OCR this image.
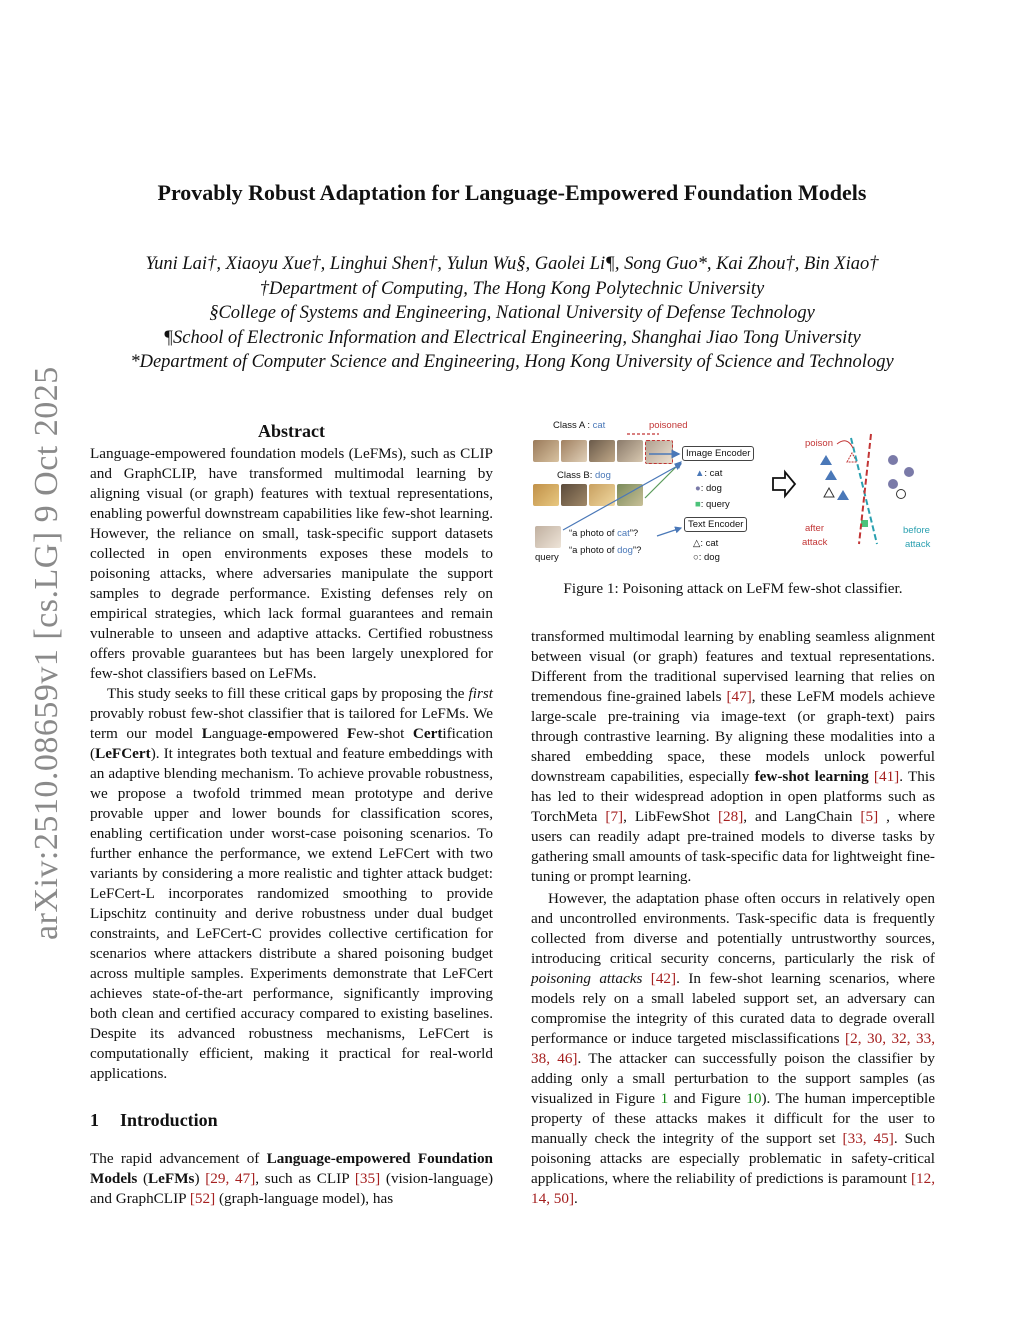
arXiv:2510.08659v1 [cs.LG] 9 Oct 2025
Provably Robust Adaptation for Language-Empowered Foundation Models
Yuni Lai†, Xiaoyu Xue†, Linghui Shen†, Yulun Wu§, Gaolei Li¶, Song Guo*, Kai Zhou†, Bin Xiao†
†Department of Computing, The Hong Kong Polytechnic University
§College of Systems and Engineering, National University of Defense Technology
¶School of Electronic Information and Electrical Engineering, Shanghai Jiao Tong University
*Department of Computer Science and Engineering, Hong Kong University of Science and Technology
Abstract

Language-empowered foundation models (LeFMs), such as CLIP and GraphCLIP, have transformed multimodal learning by aligning visual (or graph) features with textual representations, enabling powerful downstream capabilities like few-shot learning. However, the reliance on small, task-specific support datasets collected in open environments exposes these models to poisoning attacks, where adversaries manipulate the support samples to degrade performance. Existing defenses rely on empirical strategies, which lack formal guarantees and remain vulnerable to unseen and adaptive attacks. Certified robustness offers provable guarantees but has been largely unexplored for few-shot classifiers based on LeFMs.

This study seeks to fill these critical gaps by proposing the first provably robust few-shot classifier that is tailored for LeFMs. We term our model Language-empowered Few-shot Certification (LeFCert). It integrates both textual and feature embeddings with an adaptive blending mechanism. To achieve provable robustness, we propose a twofold trimmed mean prototype and derive provable upper and lower bounds for classification scores, enabling certification under worst-case poisoning scenarios. To further enhance the performance, we extend LeFCert with two variants by considering a more realistic and tighter attack budget: LeFCert-L incorporates randomized smoothing to provide Lipschitz continuity and derive robustness under dual budget constraints, and LeFCert-C provides collective certification for scenarios where attackers distribute a shared poisoning budget across multiple samples. Experiments demonstrate that LeFCert achieves state-of-the-art performance, significantly improving both clean and certified accuracy compared to existing baselines. Despite its advanced robustness mechanisms, LeFCert is computationally efficient, making it practical for real-world applications.

1 Introduction

The rapid advancement of Language-empowered Foundation Models (LeFMs) [29, 47], such as CLIP [35] (vision-language) and GraphCLIP [52] (graph-language model), has

Class A : cat	poisoned
Class B: dog
query
“a photo of cat”?
“a photo of dog”?
Image Encoder
Text Encoder
▲: cat
●: dog
■: query
△: cat
○: dog
poison
after
attack
before
attack
Figure 1: Poisoning attack on LeFM few-shot classifier.

transformed multimodal learning by enabling seamless alignment between visual (or graph) features and textual representations. Different from the traditional supervised learning that relies on tremendous fine-grained labels [47], these LeFM models achieve large-scale pre-training via image-text (or graph-text) pairs through contrastive learning. By aligning these modalities into a shared embedding space, these models unlock powerful downstream capabilities, especially few-shot learning [41]. This has led to their widespread adoption in open platforms such as TorchMeta [7], LibFewShot [28], and LangChain [5] , where users can readily adapt pre-trained models to diverse tasks by gathering small amounts of task-specific data for lightweight fine-tuning or prompt learning.

However, the adaptation phase often occurs in relatively open and uncontrolled environments. Task-specific data is frequently collected from diverse and potentially untrustworthy sources, introducing critical security concerns, particularly the risk of poisoning attacks [42]. In few-shot learning scenarios, where models rely on a small labeled support set, an adversary can compromise the integrity of this curated data to degrade overall performance or induce targeted misclassifications [2, 30, 32, 33, 38, 46]. The attacker can successfully poison the classifier by adding only a small perturbation to the support samples (as visualized in Figure 1 and Figure 10). The human imperceptible property of these attacks makes it difficult for the user to manually check the integrity of the support set [33, 45]. Such poisoning attacks are especially problematic in safety-critical applications, where the reliability of predictions is paramount [12, 14, 50].
